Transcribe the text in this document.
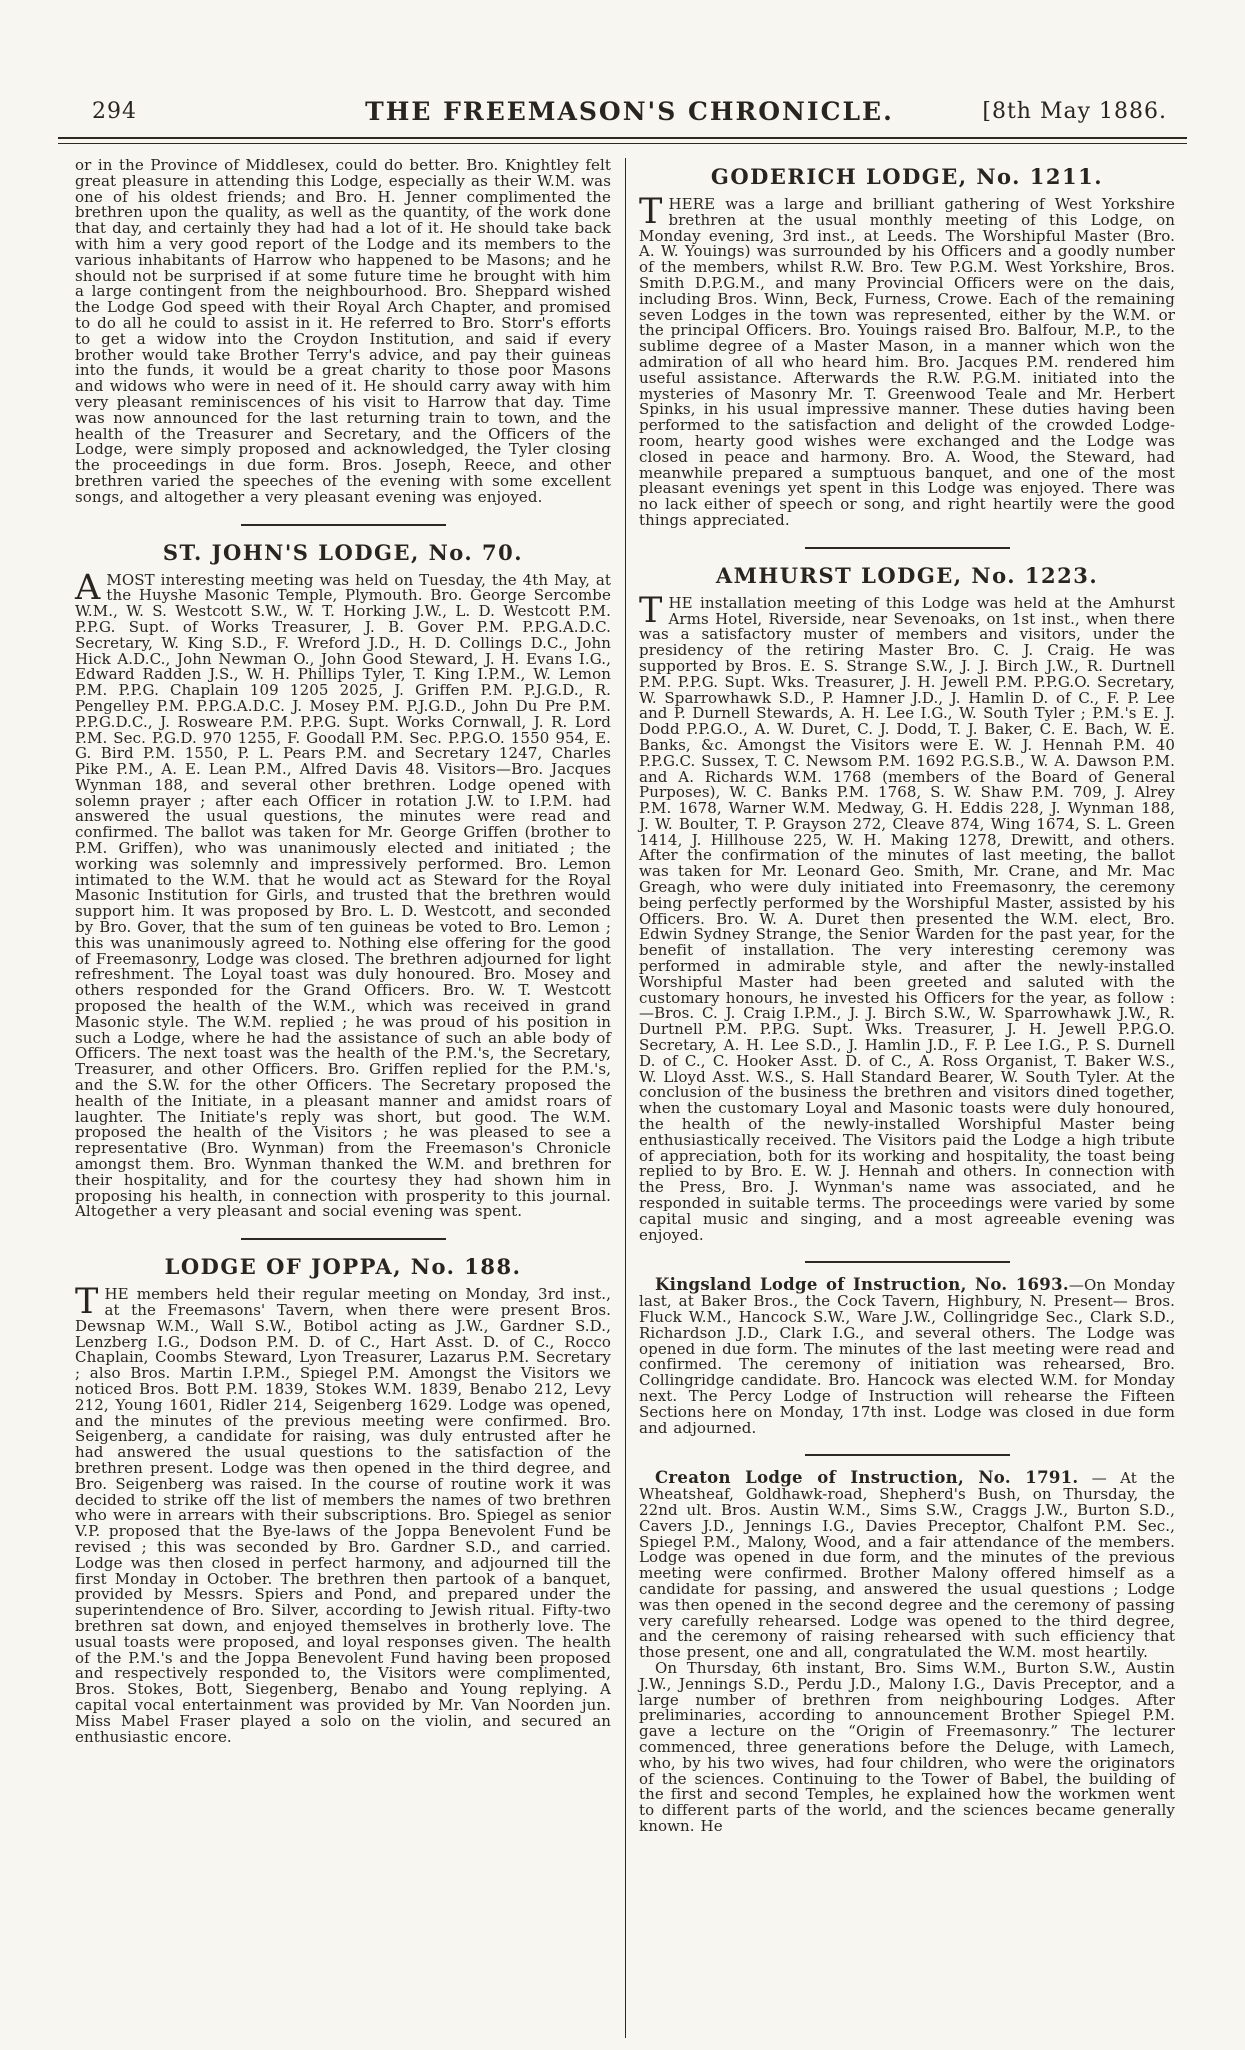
294	THE FREEMASON'S CHRONICLE.	[8th May 1886.

or in the Province of Middlesex, could do better. Bro. Knightley felt great pleasure in attending this Lodge, especially as their W.M. was one of his oldest friends; and Bro. H. Jenner complimented the brethren upon the quality, as well as the quantity, of the work done that day, and certainly they had had a lot of it. He should take back with him a very good report of the Lodge and its members to the various inhabitants of Harrow who happened to be Masons; and he should not be surprised if at some future time he brought with him a large contingent from the neighbourhood. Bro. Sheppard wished the Lodge God speed with their Royal Arch Chapter, and promised to do all he could to assist in it. He referred to Bro. Storr's efforts to get a widow into the Croydon Institution, and said if every brother would take Brother Terry's advice, and pay their guineas into the funds, it would be a great charity to those poor Masons and widows who were in need of it. He should carry away with him very pleasant reminiscences of his visit to Harrow that day. Time was now announced for the last returning train to town, and the health of the Treasurer and Secretary, and the Officers of the Lodge, were simply proposed and acknowledged, the Tyler closing the proceedings in due form. Bros. Joseph, Reece, and other brethren varied the speeches of the evening with some excellent songs, and altogether a very pleasant evening was enjoyed.

ST. JOHN'S LODGE, No. 70.

AMOST interesting meeting was held on Tuesday, the 4th May, at the Huyshe Masonic Temple, Plymouth. Bro. George Sercombe W.M., W. S. Westcott S.W., W. T. Horking J.W., L. D. Westcott P.M. P.P.G. Supt. of Works Treasurer, J. B. Gover P.M. P.P.G.A.D.C. Secretary, W. King S.D., F. Wreford J.D., H. D. Collings D.C., John Hick A.D.C., John Newman O., John Good Steward, J. H. Evans I.G., Edward Radden J.S., W. H. Phillips Tyler, T. King I.P.M., W. Lemon P.M. P.P.G. Chaplain 109 1205 2025, J. Griffen P.M. P.J.G.D., R. Pengelley P.M. P.P.G.A.D.C. J. Mosey P.M. P.J.G.D., John Du Pre P.M. P.P.G.D.C., J. Rosweare P.M. P.P.G. Supt. Works Cornwall, J. R. Lord P.M. Sec. P.G.D. 970 1255, F. Goodall P.M. Sec. P.P.G.O. 1550 954, E. G. Bird P.M. 1550, P. L. Pears P.M. and Secretary 1247, Charles Pike P.M., A. E. Lean P.M., Alfred Davis 48. Visitors—Bro. Jacques Wynman 188, and several other brethren. Lodge opened with solemn prayer ; after each Officer in rotation J.W. to I.P.M. had answered the usual questions, the minutes were read and confirmed. The ballot was taken for Mr. George Griffen (brother to P.M. Griffen), who was unanimously elected and initiated ; the working was solemnly and impressively performed. Bro. Lemon intimated to the W.M. that he would act as Steward for the Royal Masonic Institution for Girls, and trusted that the brethren would support him. It was proposed by Bro. L. D. Westcott, and seconded by Bro. Gover, that the sum of ten guineas be voted to Bro. Lemon ; this was unanimously agreed to. Nothing else offering for the good of Freemasonry, Lodge was closed. The brethren adjourned for light refreshment. The Loyal toast was duly honoured. Bro. Mosey and others responded for the Grand Officers. Bro. W. T. Westcott proposed the health of the W.M., which was received in grand Masonic style. The W.M. replied ; he was proud of his position in such a Lodge, where he had the assistance of such an able body of Officers. The next toast was the health of the P.M.'s, the Secretary, Treasurer, and other Officers. Bro. Griffen replied for the P.M.'s, and the S.W. for the other Officers. The Secretary proposed the health of the Initiate, in a pleasant manner and amidst roars of laughter. The Initiate's reply was short, but good. The W.M. proposed the health of the Visitors ; he was pleased to see a representative (Bro. Wynman) from the Freemason's Chronicle amongst them. Bro. Wynman thanked the W.M. and brethren for their hospitality, and for the courtesy they had shown him in proposing his health, in connection with prosperity to this journal. Altogether a very pleasant and social evening was spent.

LODGE OF JOPPA, No. 188.

THE members held their regular meeting on Monday, 3rd inst., at the Freemasons' Tavern, when there were present Bros. Dewsnap W.M., Wall S.W., Botibol acting as J.W., Gardner S.D., Lenzberg I.G., Dodson P.M. D. of C., Hart Asst. D. of C., Rocco Chaplain, Coombs Steward, Lyon Treasurer, Lazarus P.M. Secretary ; also Bros. Martin I.P.M., Spiegel P.M. Amongst the Visitors we noticed Bros. Bott P.M. 1839, Stokes W.M. 1839, Benabo 212, Levy 212, Young 1601, Ridler 214, Seigenberg 1629. Lodge was opened, and the minutes of the previous meeting were confirmed. Bro. Seigenberg, a candidate for raising, was duly entrusted after he had answered the usual questions to the satisfaction of the brethren present. Lodge was then opened in the third degree, and Bro. Seigenberg was raised. In the course of routine work it was decided to strike off the list of members the names of two brethren who were in arrears with their subscriptions. Bro. Spiegel as senior V.P. proposed that the Bye-laws of the Joppa Benevolent Fund be revised ; this was seconded by Bro. Gardner S.D., and carried. Lodge was then closed in perfect harmony, and adjourned till the first Monday in October. The brethren then partook of a banquet, provided by Messrs. Spiers and Pond, and prepared under the superintendence of Bro. Silver, according to Jewish ritual. Fifty-two brethren sat down, and enjoyed themselves in brotherly love. The usual toasts were proposed, and loyal responses given. The health of the P.M.'s and the Joppa Benevolent Fund having been proposed and respectively responded to, the Visitors were complimented, Bros. Stokes, Bott, Siegenberg, Benabo and Young replying. A capital vocal entertainment was provided by Mr. Van Noorden jun. Miss Mabel Fraser played a solo on the violin, and secured an enthusiastic encore.

GODERICH LODGE, No. 1211.

THERE was a large and brilliant gathering of West Yorkshire brethren at the usual monthly meeting of this Lodge, on Monday evening, 3rd inst., at Leeds. The Worshipful Master (Bro. A. W. Youings) was surrounded by his Officers and a goodly number of the members, whilst R.W. Bro. Tew P.G.M. West Yorkshire, Bros. Smith D.P.G.M., and many Provincial Officers were on the dais, including Bros. Winn, Beck, Furness, Crowe. Each of the remaining seven Lodges in the town was represented, either by the W.M. or the principal Officers. Bro. Youings raised Bro. Balfour, M.P., to the sublime degree of a Master Mason, in a manner which won the admiration of all who heard him. Bro. Jacques P.M. rendered him useful assistance. Afterwards the R.W. P.G.M. initiated into the mysteries of Masonry Mr. T. Greenwood Teale and Mr. Herbert Spinks, in his usual impressive manner. These duties having been performed to the satisfaction and delight of the crowded Lodge-room, hearty good wishes were exchanged and the Lodge was closed in peace and harmony. Bro. A. Wood, the Steward, had meanwhile prepared a sumptuous banquet, and one of the most pleasant evenings yet spent in this Lodge was enjoyed. There was no lack either of speech or song, and right heartily were the good things appreciated.

AMHURST LODGE, No. 1223.

THE installation meeting of this Lodge was held at the Amhurst Arms Hotel, Riverside, near Sevenoaks, on 1st inst., when there was a satisfactory muster of members and visitors, under the presidency of the retiring Master Bro. C. J. Craig. He was supported by Bros. E. S. Strange S.W., J. J. Birch J.W., R. Durtnell P.M. P.P.G. Supt. Wks. Treasurer, J. H. Jewell P.M. P.P.G.O. Secretary, W. Sparrowhawk S.D., P. Hamner J.D., J. Hamlin D. of C., F. P. Lee and P. Durnell Stewards, A. H. Lee I.G., W. South Tyler ; P.M.'s E. J. Dodd P.P.G.O., A. W. Duret, C. J. Dodd, T. J. Baker, C. E. Bach, W. E. Banks, &c. Amongst the Visitors were E. W. J. Hennah P.M. 40 P.P.G.C. Sussex, T. C. Newsom P.M. 1692 P.G.S.B., W. A. Dawson P.M. and A. Richards W.M. 1768 (members of the Board of General Purposes), W. C. Banks P.M. 1768, S. W. Shaw P.M. 709, J. Alrey P.M. 1678, Warner W.M. Medway, G. H. Eddis 228, J. Wynman 188, J. W. Boulter, T. P. Grayson 272, Cleave 874, Wing 1674, S. L. Green 1414, J. Hillhouse 225, W. H. Making 1278, Drewitt, and others. After the confirmation of the minutes of last meeting, the ballot was taken for Mr. Leonard Geo. Smith, Mr. Crane, and Mr. Mac Greagh, who were duly initiated into Freemasonry, the ceremony being perfectly performed by the Worshipful Master, assisted by his Officers. Bro. W. A. Duret then presented the W.M. elect, Bro. Edwin Sydney Strange, the Senior Warden for the past year, for the benefit of installation. The very interesting ceremony was performed in admirable style, and after the newly-installed Worshipful Master had been greeted and saluted with the customary honours, he invested his Officers for the year, as follow :—Bros. C. J. Craig I.P.M., J. J. Birch S.W., W. Sparrowhawk J.W., R. Durtnell P.M. P.P.G. Supt. Wks. Treasurer, J. H. Jewell P.P.G.O. Secretary, A. H. Lee S.D., J. Hamlin J.D., F. P. Lee I.G., P. S. Durnell D. of C., C. Hooker Asst. D. of C., A. Ross Organist, T. Baker W.S., W. Lloyd Asst. W.S., S. Hall Standard Bearer, W. South Tyler. At the conclusion of the business the brethren and visitors dined together, when the customary Loyal and Masonic toasts were duly honoured, the health of the newly-installed Worshipful Master being enthusiastically received. The Visitors paid the Lodge a high tribute of appreciation, both for its working and hospitality, the toast being replied to by Bro. E. W. J. Hennah and others. In connection with the Press, Bro. J. Wynman's name was associated, and he responded in suitable terms. The proceedings were varied by some capital music and singing, and a most agreeable evening was enjoyed.

Kingsland Lodge of Instruction, No. 1693.—On Monday last, at Baker Bros., the Cock Tavern, Highbury, N. Present— Bros. Fluck W.M., Hancock S.W., Ware J.W., Collingridge Sec., Clark S.D., Richardson J.D., Clark I.G., and several others. The Lodge was opened in due form. The minutes of the last meeting were read and confirmed. The ceremony of initiation was rehearsed, Bro. Collingridge candidate. Bro. Hancock was elected W.M. for Monday next. The Percy Lodge of Instruction will rehearse the Fifteen Sections here on Monday, 17th inst. Lodge was closed in due form and adjourned.

Creaton Lodge of Instruction, No. 1791. — At the Wheatsheaf, Goldhawk-road, Shepherd's Bush, on Thursday, the 22nd ult. Bros. Austin W.M., Sims S.W., Craggs J.W., Burton S.D., Cavers J.D., Jennings I.G., Davies Preceptor, Chalfont P.M. Sec., Spiegel P.M., Malony, Wood, and a fair attendance of the members. Lodge was opened in due form, and the minutes of the previous meeting were confirmed. Brother Malony offered himself as a candidate for passing, and answered the usual questions ; Lodge was then opened in the second degree and the ceremony of passing very carefully rehearsed. Lodge was opened to the third degree, and the ceremony of raising rehearsed with such efficiency that those present, one and all, congratulated the W.M. most heartily.

On Thursday, 6th instant, Bro. Sims W.M., Burton S.W., Austin J.W., Jennings S.D., Perdu J.D., Malony I.G., Davis Preceptor, and a large number of brethren from neighbouring Lodges. After preliminaries, according to announcement Brother Spiegel P.M. gave a lecture on the “Origin of Freemasonry.” The lecturer commenced, three generations before the Deluge, with Lamech, who, by his two wives, had four children, who were the originators of the sciences. Continuing to the Tower of Babel, the building of the first and second Temples, he explained how the workmen went to different parts of the world, and the sciences became generally known. He
